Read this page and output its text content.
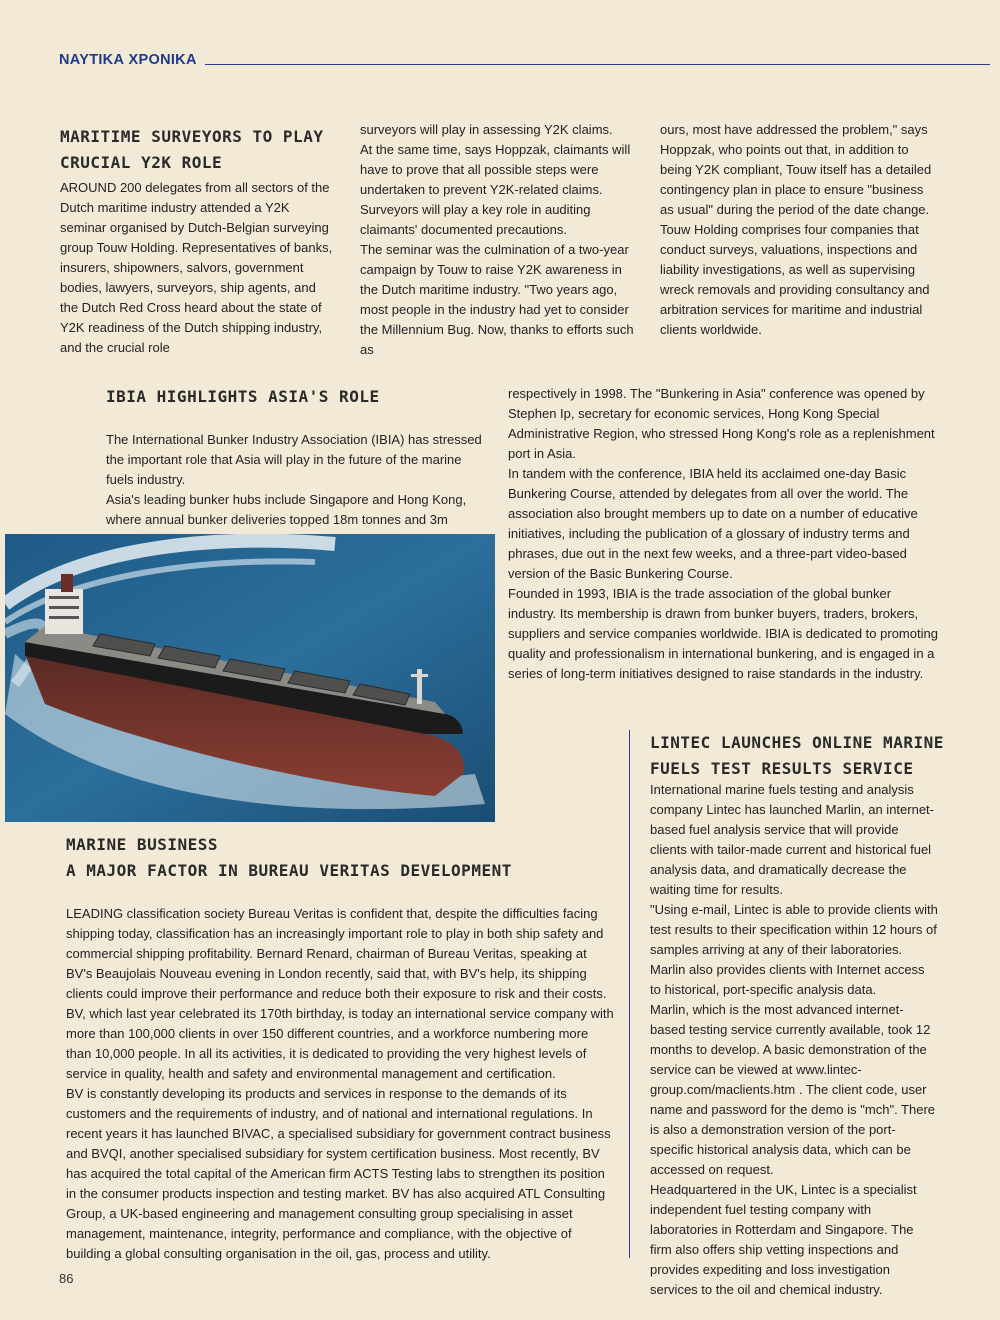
ΝΑΥΤΙΚΑ ΧΡΟΝΙΚΑ
MARITIME SURVEYORS TO PLAY
CRUCIAL Y2K ROLE

AROUND 200 delegates from all sectors of the Dutch maritime industry attended a Y2K seminar organised by Dutch-Belgian surveying group Touw Holding. Representatives of banks, insurers, shipowners, salvors, government bodies, lawyers, surveyors, ship agents, and the Dutch Red Cross heard about the state of Y2K readiness of the Dutch shipping industry, and the crucial role

surveyors will play in assessing Y2K claims.

At the same time, says Hoppzak, claimants will have to prove that all possible steps were undertaken to prevent Y2K-related claims. Surveyors will play a key role in auditing claimants' documented precautions.

The seminar was the culmination of a two-year campaign by Touw to raise Y2K awareness in the Dutch maritime industry. "Two years ago, most people in the industry had yet to consider the Millennium Bug. Now, thanks to efforts such as

ours, most have addressed the problem," says Hoppzak, who points out that, in addition to being Y2K compliant, Touw itself has a detailed contingency plan in place to ensure "business as usual" during the period of the date change.

Touw Holding comprises four companies that conduct surveys, valuations, inspections and liability investigations, as well as supervising wreck removals and providing consultancy and arbitration services for maritime and industrial clients worldwide.

IBIA HIGHLIGHTS ASIA'S ROLE

The International Bunker Industry Association (IBIA) has stressed the important role that Asia will play in the future of the marine fuels industry.

Asia's leading bunker hubs include Singapore and Hong Kong, where annual bunker deliveries topped 18m tonnes and 3m

respectively in 1998. The "Bunkering in Asia" conference was opened by Stephen Ip, secretary for economic services, Hong Kong Special Administrative Region, who stressed Hong Kong's role as a replenishment port in Asia.

In tandem with the conference, IBIA held its acclaimed one-day Basic Bunkering Course, attended by delegates from all over the world. The association also brought members up to date on a number of educative initiatives, including the publication of a glossary of industry terms and phrases, due out in the next few weeks, and a three-part video-based version of the Basic Bunkering Course.

Founded in 1993, IBIA is the trade association of the global bunker industry. Its membership is drawn from bunker buyers, traders, brokers, suppliers and service companies worldwide. IBIA is dedicated to promoting quality and professionalism in international bunkering, and is engaged in a series of long-term initiatives designed to raise standards in the industry.

MARINE BUSINESS
A MAJOR FACTOR IN BUREAU VERITAS DEVELOPMENT

LEADING classification society Bureau Veritas is confident that, despite the difficulties facing shipping today, classification has an increasingly important role to play in both ship safety and commercial shipping profitability. Bernard Renard, chairman of Bureau Veritas, speaking at BV's Beaujolais Nouveau evening in London recently, said that, with BV's help, its shipping clients could improve their performance and reduce both their exposure to risk and their costs.

BV, which last year celebrated its 170th birthday, is today an international service company with more than 100,000 clients in over 150 different countries, and a workforce numbering more than 10,000 people. In all its activities, it is dedicated to providing the very highest levels of service in quality, health and safety and environmental management and certification.

BV is constantly developing its products and services in response to the demands of its customers and the requirements of industry, and of national and international regulations. In recent years it has launched BIVAC, a specialised subsidiary for government contract business and BVQI, another specialised subsidiary for system certification business. Most recently, BV has acquired the total capital of the American firm ACTS Testing labs to strengthen its position in the consumer products inspection and testing market. BV has also acquired ATL Consulting Group, a UK-based engineering and management consulting group specialising in asset management, maintenance, integrity, performance and compliance, with the objective of building a global consulting organisation in the oil, gas, process and utility.

LINTEC LAUNCHES ONLINE MARINE
FUELS TEST RESULTS SERVICE

International marine fuels testing and analysis company Lintec has launched Marlin, an internet-based fuel analysis service that will provide clients with tailor-made current and historical fuel analysis data, and dramatically decrease the waiting time for results.

"Using e-mail, Lintec is able to provide clients with test results to their specification within 12 hours of samples arriving at any of their laboratories. Marlin also provides clients with Internet access to historical, port-specific analysis data.

Marlin, which is the most advanced internet-based testing service currently available, took 12 months to develop. A basic demonstration of the service can be viewed at www.lintec-group.com/maclients.htm . The client code, user name and password for the demo is "mch". There is also a demonstration version of the port-specific historical analysis data, which can be accessed on request.

Headquartered in the UK, Lintec is a specialist independent fuel testing company with laboratories in Rotterdam and Singapore. The firm also offers ship vetting inspections and provides expediting and loss investigation services to the oil and chemical industry.

86
